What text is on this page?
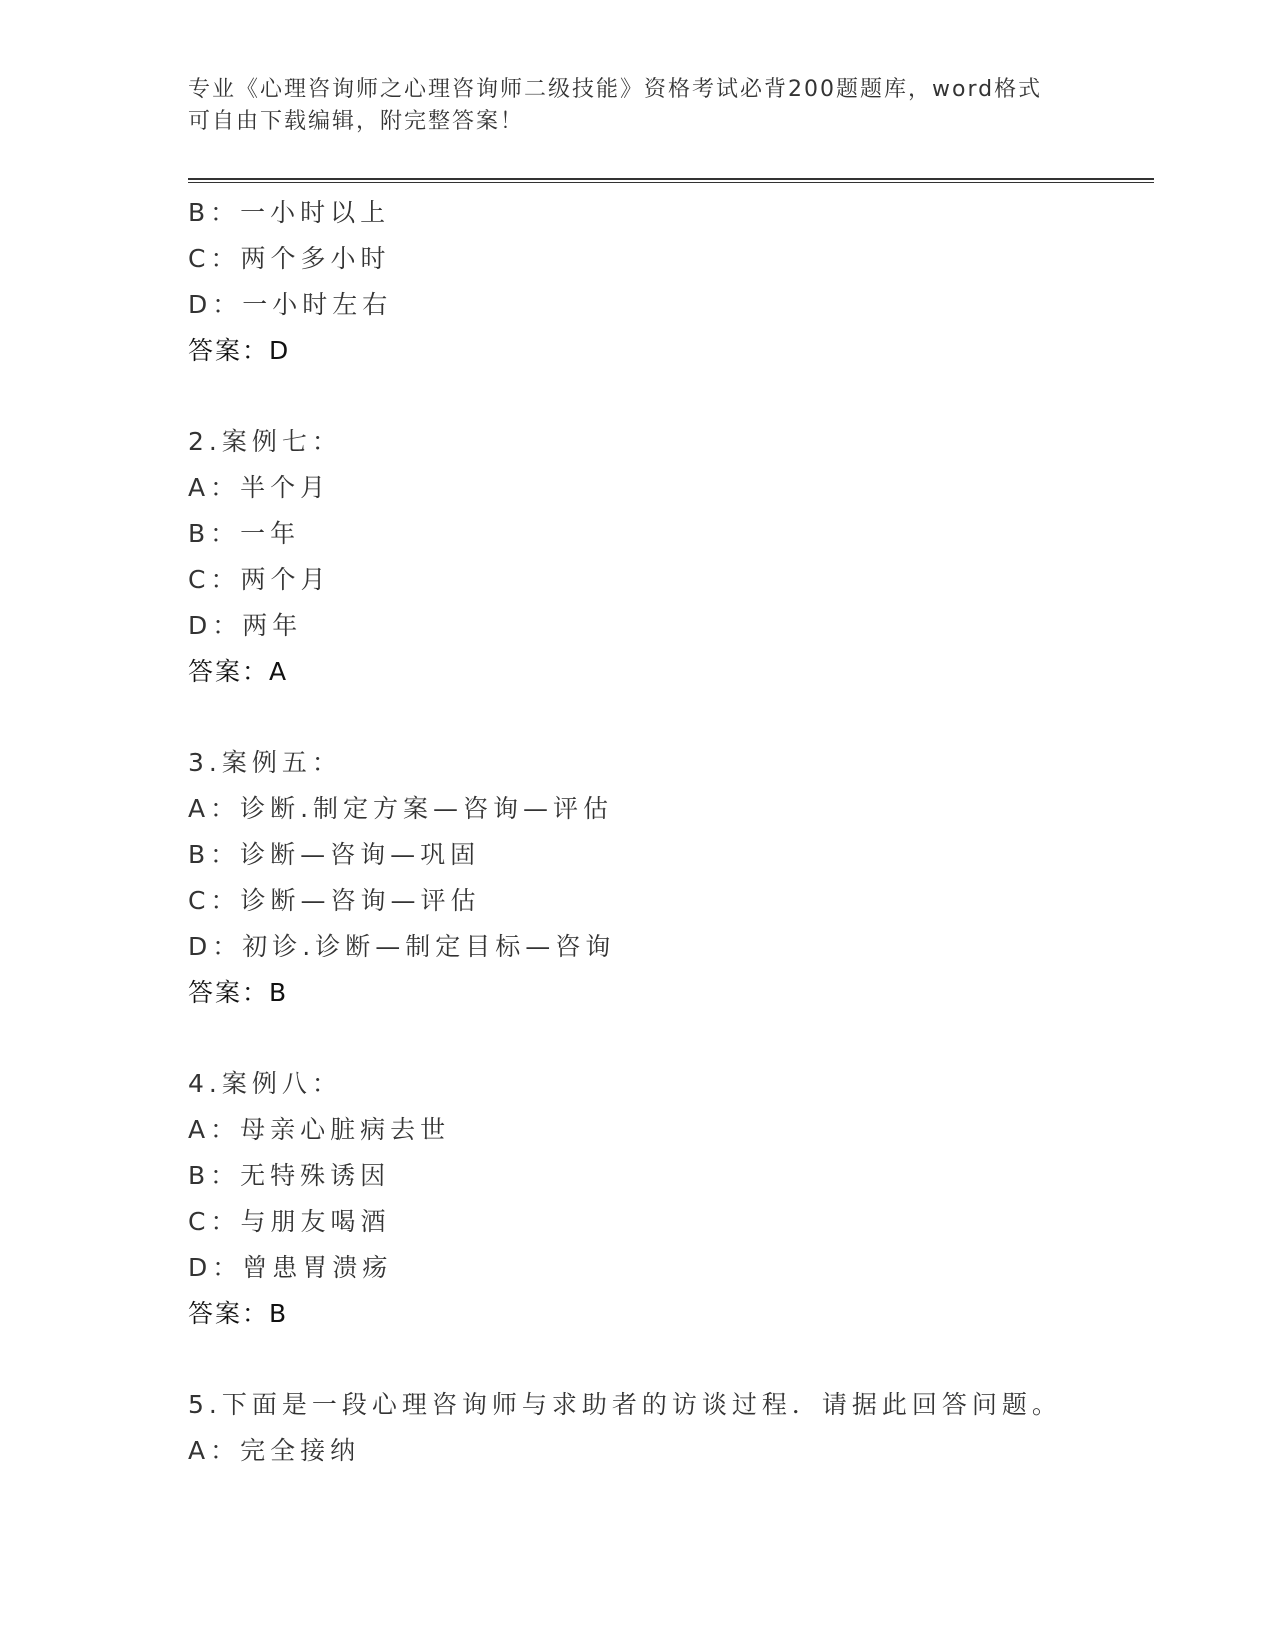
专业《心理咨询师之心理咨询师二级技能》资格考试必背200题题库，word格式
可自由下载编辑，附完整答案！
B：一小时以上
C：两个多小时
D：一小时左右
答案：D
2.案例七：
A：半个月
B：一年
C：两个月
D：两年
答案：A
3.案例五：
A：诊断.制定方案—咨询—评估
B：诊断—咨询—巩固
C：诊断—咨询—评估
D：初诊.诊断—制定目标—咨询
答案：B
4.案例八：
A：母亲心脏病去世
B：无特殊诱因
C：与朋友喝酒
D：曾患胃溃疡
答案：B
5.下面是一段心理咨询师与求助者的访谈过程．请据此回答问题。
A：完全接纳
